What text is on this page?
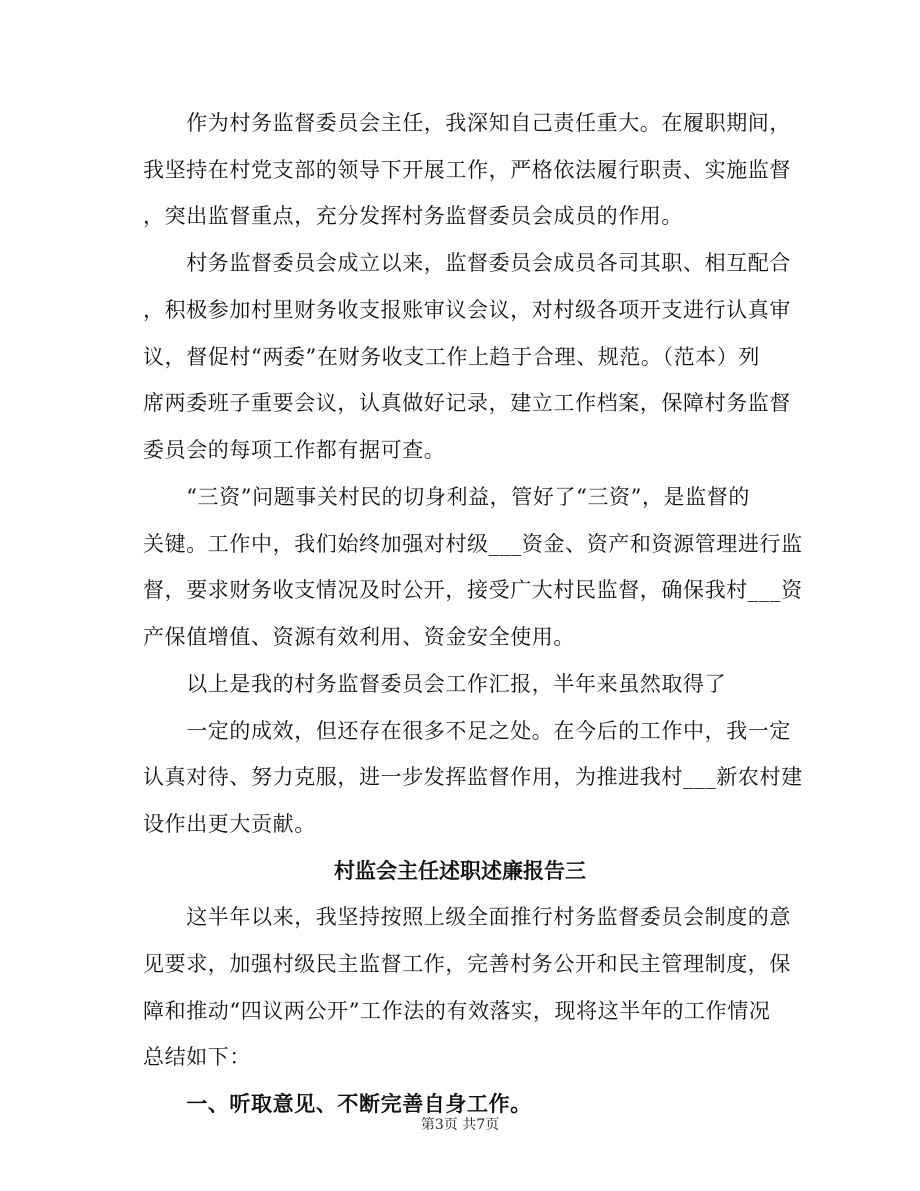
　　作为村务监督委员会主任，我深知自己责任重大。在履职期间，
我坚持在村党支部的领导下开展工作，严格依法履行职责、实施监督
，突出监督重点，充分发挥村务监督委员会成员的作用。
　　村务监督委员会成立以来，监督委员会成员各司其职、相互配合
，积极参加村里财务收支报账审议会议，对村级各项开支进行认真审
议，督促村“两委”在财务收支工作上趋于合理、规范。（范本）列
席两委班子重要会议，认真做好记录，建立工作档案，保障村务监督
委员会的每项工作都有据可查。
　　“三资”问题事关村民的切身利益，管好了“三资”，是监督的
关键。工作中，我们始终加强对村级___资金、资产和资源管理进行监
督，要求财务收支情况及时公开，接受广大村民监督，确保我村___资
产保值增值、资源有效利用、资金安全使用。
　　以上是我的村务监督委员会工作汇报，半年来虽然取得了
　　一定的成效，但还存在很多不足之处。在今后的工作中，我一定
认真对待、努力克服，进一步发挥监督作用，为推进我村___新农村建
设作出更大贡献。
村监会主任述职述廉报告三
　　这半年以来，我坚持按照上级全面推行村务监督委员会制度的意
见要求，加强村级民主监督工作，完善村务公开和民主管理制度，保
障和推动“四议两公开”工作法的有效落实，现将这半年的工作情况
总结如下：
　　一、听取意见、不断完善自身工作。
第3页 共7页
